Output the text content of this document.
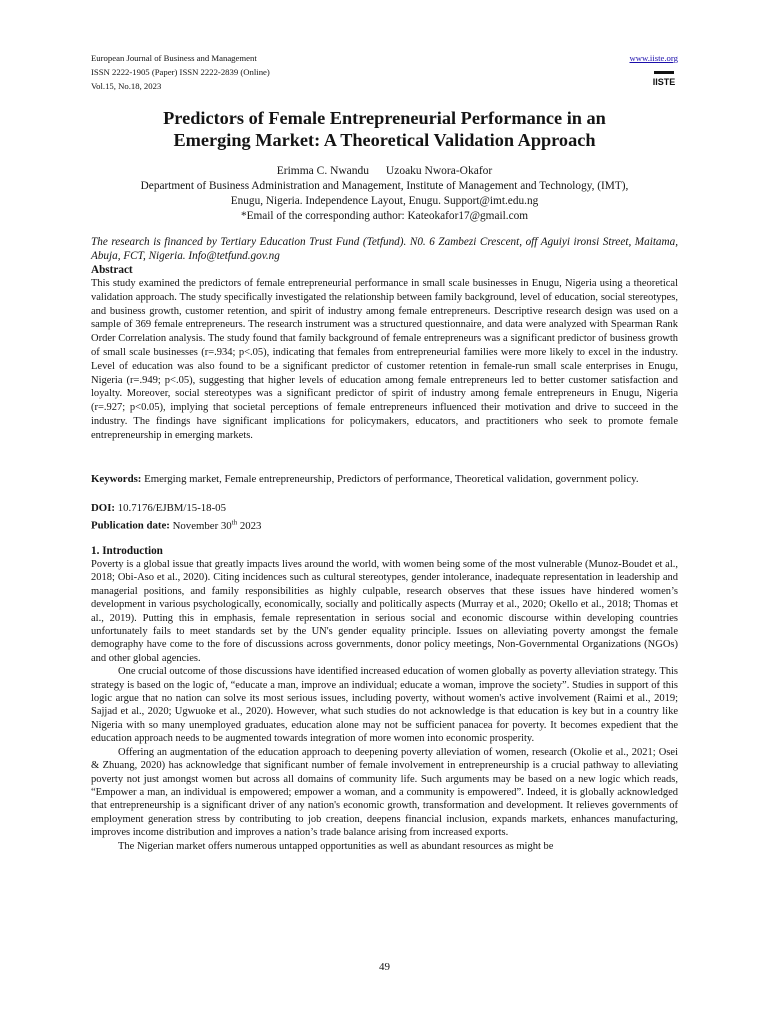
European Journal of Business and Management
ISSN 2222-1905 (Paper) ISSN 2222-2839 (Online)
Vol.15, No.18, 2023
www.iiste.org
IISTE
Predictors of Female Entrepreneurial Performance in an
Emerging Market: A Theoretical Validation Approach
Erimma C. Nwandu Uzoaku Nwora-Okafor
Department of Business Administration and Management, Institute of Management and Technology, (IMT),
Enugu, Nigeria. Independence Layout, Enugu. Support@imt.edu.ng
*Email of the corresponding author: Kateokafor17@gmail.com
The research is financed by Tertiary Education Trust Fund (Tetfund). N0. 6 Zambezi Crescent, off Aguiyi ironsi Street, Maitama, Abuja, FCT, Nigeria. Info@tetfund.gov.ng
Abstract
This study examined the predictors of female entrepreneurial performance in small scale businesses in Enugu, Nigeria using a theoretical validation approach. The study specifically investigated the relationship between family background, level of education, social stereotypes, and business growth, customer retention, and spirit of industry among female entrepreneurs. Descriptive research design was used on a sample of 369 female entrepreneurs. The research instrument was a structured questionnaire, and data were analyzed with Spearman Rank Order Correlation analysis. The study found that family background of female entrepreneurs was a significant predictor of business growth of small scale businesses (r=.934; p<.05), indicating that females from entrepreneurial families were more likely to excel in the industry. Level of education was also found to be a significant predictor of customer retention in female-run small scale enterprises in Enugu, Nigeria (r=.949; p<.05), suggesting that higher levels of education among female entrepreneurs led to better customer satisfaction and loyalty. Moreover, social stereotypes was a significant predictor of spirit of industry among female entrepreneurs in Enugu, Nigeria (r=.927; p<0.05), implying that societal perceptions of female entrepreneurs influenced their motivation and drive to succeed in the industry. The findings have significant implications for policymakers, educators, and practitioners who seek to promote female entrepreneurship in emerging markets.
Keywords: Emerging market, Female entrepreneurship, Predictors of performance, Theoretical validation, government policy.
DOI: 10.7176/EJBM/15-18-05
Publication date: November 30th 2023
1. Introduction

Poverty is a global issue that greatly impacts lives around the world, with women being some of the most vulnerable (Munoz-Boudet et al., 2018; Obi-Aso et al., 2020). Citing incidences such as cultural stereotypes, gender intolerance, inadequate representation in leadership and managerial positions, and family responsibilities as highly culpable, research observes that these issues have hindered women’s development in various psychologically, economically, socially and politically aspects (Murray et al., 2020; Okello et al., 2018; Thomas et al., 2019). Putting this in emphasis, female representation in serious social and economic discourse within developing countries unfortunately fails to meet standards set by the UN's gender equality principle. Issues on alleviating poverty amongst the female demography have come to the fore of discussions across governments, donor policy meetings, Non-Governmental Organizations (NGOs) and other global agencies.

One crucial outcome of those discussions have identified increased education of women globally as poverty alleviation strategy. This strategy is based on the logic of, “educate a man, improve an individual; educate a woman, improve the society”. Studies in support of this logic argue that no nation can solve its most serious issues, including poverty, without women's active involvement (Raimi et al., 2019; Sajjad et al., 2020; Ugwuoke et al., 2020). However, what such studies do not acknowledge is that education is key but in a country like Nigeria with so many unemployed graduates, education alone may not be sufficient panacea for poverty. It becomes expedient that the education approach needs to be augmented towards integration of more women into economic prosperity.

Offering an augmentation of the education approach to deepening poverty alleviation of women, research (Okolie et al., 2021; Osei & Zhuang, 2020) has acknowledge that significant number of female involvement in entrepreneurship is a crucial pathway to alleviating poverty not just amongst women but across all domains of community life. Such arguments may be based on a new logic which reads, “Empower a man, an individual is empowered; empower a woman, and a community is empowered”. Indeed, it is globally acknowledged that entrepreneurship is a significant driver of any nation's economic growth, transformation and development. It relieves governments of employment generation stress by contributing to job creation, deepens financial inclusion, expands markets, enhances manufacturing, improves income distribution and improves a nation’s trade balance arising from increased exports.

The Nigerian market offers numerous untapped opportunities as well as abundant resources as might be

49
